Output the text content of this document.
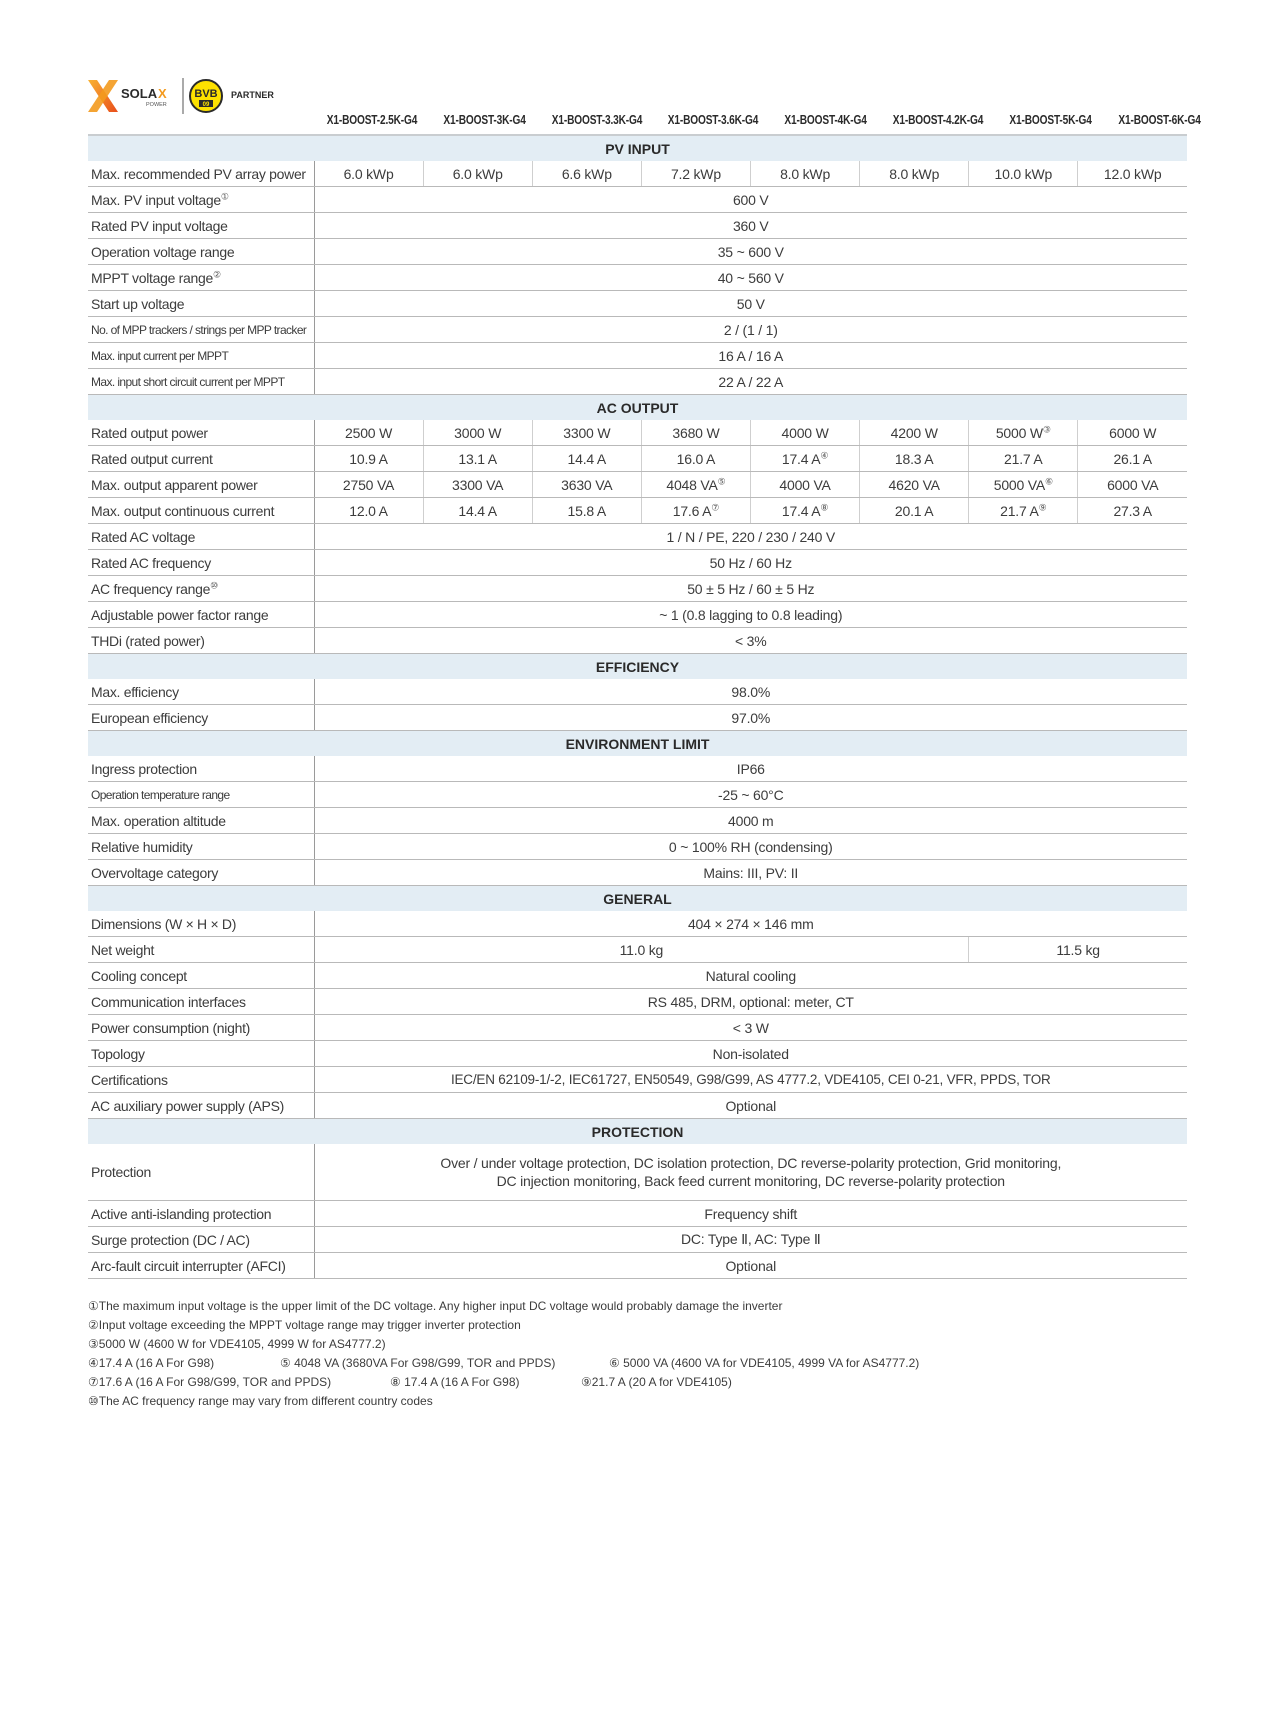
SOLA X
POWER
BVB
09
PARTNER
X1-BOOST-2.5K-G4 X1-BOOST-3K-G4 X1-BOOST-3.3K-G4 X1-BOOST-3.6K-G4 X1-BOOST-4K-G4 X1-BOOST-4.2K-G4 X1-BOOST-5K-G4 X1-BOOST-6K-G4
PV INPUT								
Max. recommended PV array power	6.0 kWp	6.0 kWp	6.6 kWp	7.2 kWp	8.0 kWp	8.0 kWp	10.0 kWp	12.0 kWp
Max. PV input voltage①	600 V							
Rated PV input voltage	360 V							
Operation voltage range	35 ~ 600 V							
MPPT voltage range②	40 ~ 560 V							
Start up voltage	50 V							
No. of MPP trackers / strings per MPP tracker	2 / (1 / 1)							
Max. input current per MPPT	16 A / 16 A							
Max. input short circuit current per MPPT	22 A / 22 A							
AC OUTPUT								
Rated output power	2500 W	3000 W	3300 W	3680 W	4000 W	4200 W	5000 W③	6000 W
Rated output current	10.9 A	13.1 A	14.4 A	16.0 A	17.4 A④	18.3 A	21.7 A	26.1 A
Max. output apparent power	2750 VA	3300 VA	3630 VA	4048 VA⑤	4000 VA	4620 VA	5000 VA⑥	6000 VA
Max. output continuous current	12.0 A	14.4 A	15.8 A	17.6 A⑦	17.4 A⑧	20.1 A	21.7 A⑨	27.3 A
Rated AC voltage	1 / N / PE, 220 / 230 / 240 V							
Rated AC frequency	50 Hz / 60 Hz							
AC frequency range⑩	50 ± 5 Hz / 60 ± 5 Hz							
Adjustable power factor range	~ 1 (0.8 lagging to 0.8 leading)							
THDi (rated power)	< 3%							
EFFICIENCY								
Max. efficiency	98.0%							
European efficiency	97.0%							
ENVIRONMENT LIMIT								
Ingress protection	IP66							
Operation temperature range	-25 ~ 60°C							
Max. operation altitude	4000 m							
Relative humidity	0 ~ 100% RH (condensing)							
Overvoltage category	Mains: III, PV: II							
GENERAL								
Dimensions (W × H × D)	404 × 274 × 146 mm							
Net weight	11.0 kg						11.5 kg	
Cooling concept	Natural cooling							
Communication interfaces	RS 485, DRM, optional: meter, CT							
Power consumption (night)	< 3 W							
Topology	Non-isolated							
Certifications	IEC/EN 62109-1/-2, IEC61727, EN50549, G98/G99, AS 4777.2, VDE4105, CEI 0-21, VFR, PPDS, TOR							
AC auxiliary power supply (APS)	Optional							
PROTECTION								
Protection	Over / under voltage protection, DC isolation protection, DC reverse-polarity protection, Grid monitoring,
DC injection monitoring, Back feed current monitoring, DC reverse-polarity protection							

Active anti-islanding protection	Frequency shift							
Surge protection (DC / AC)	DC: Type Ⅱ, AC: Type Ⅱ							
Arc-fault circuit interrupter (AFCI)	Optional							
①The maximum input voltage is the upper limit of the DC voltage. Any higher input DC voltage would probably damage the inverter
②Input voltage exceeding the MPPT voltage range may trigger inverter protection
③5000 W (4600 W for VDE4105, 4999 W for AS4777.2)
④17.4 A (16 A For G98)	⑤ 4048 VA (3680VA For G98/G99, TOR and PPDS)	⑥ 5000 VA (4600 VA for VDE4105, 4999 VA for AS4777.2)
⑦17.6 A (16 A For G98/G99, TOR and PPDS)	⑧ 17.4 A (16 A For G98)	⑨21.7 A (20 A for VDE4105)
⑩The AC frequency range may vary from different country codes
